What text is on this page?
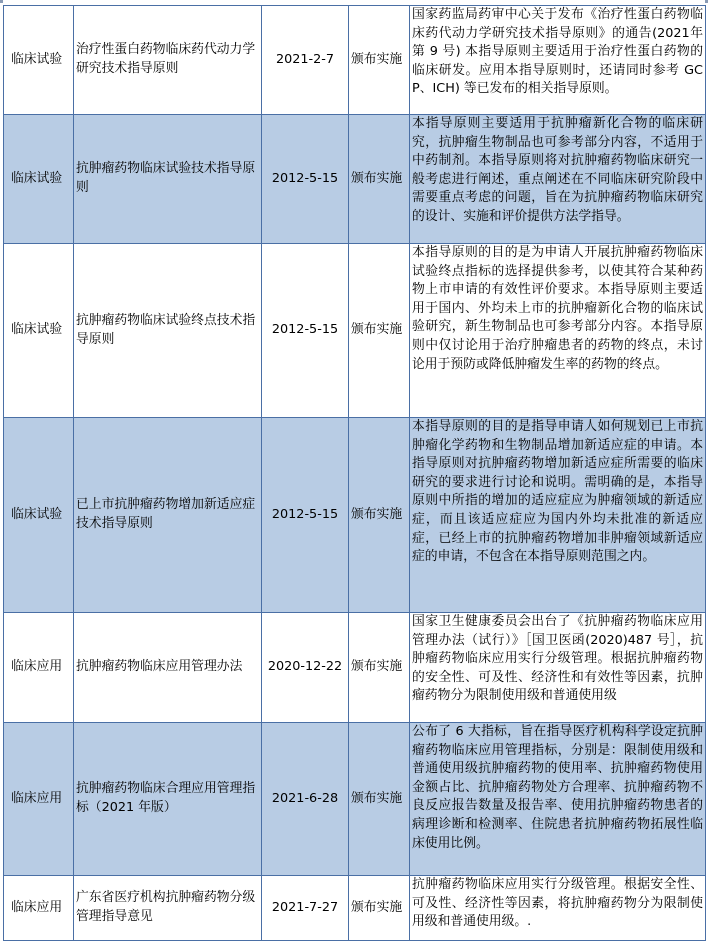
临床试验	治疗性蛋白药物临床药代动力学研究技术指导原则	2021-2-7	颁布实施	国家药监局药审中心关于发布《治疗性蛋白药物临床药代动力学研究技术指导原则》的通告(2021年第 9 号) 本指导原则主要适用于治疗性蛋白药物的临床研发。应用本指导原则时，还请同时参考 GCP、ICH) 等已发布的相关指导原则。
临床试验	抗肿瘤药物临床试验技术指导原则	2012-5-15	颁布实施	本指导原则主要适用于抗肿瘤新化合物的临床研究，抗肿瘤生物制品也可参考部分内容，不适用于中药制剂。本指导原则将对抗肿瘤药物临床研究一般考虑进行阐述，重点阐述在不同临床研究阶段中需要重点考虑的问题，旨在为抗肿瘤药物临床研究的设计、实施和评价提供方法学指导。
临床试验	抗肿瘤药物临床试验终点技术指导原则	2012-5-15	颁布实施	本指导原则的目的是为申请人开展抗肿瘤药物临床试验终点指标的选择提供参考，以使其符合某种药物上市申请的有效性评价要求。本指导原则主要适用于国内、外均未上市的抗肿瘤新化合物的临床试验研究，新生物制品也可参考部分内容。本指导原则中仅讨论用于治疗肿瘤患者的药物的终点，未讨论用于预防或降低肿瘤发生率的药物的终点。
临床试验	已上市抗肿瘤药物增加新适应症技术指导原则	2012-5-15	颁布实施	本指导原则的目的是指导申请人如何规划已上市抗肿瘤化学药物和生物制品增加新适应症的申请。本指导原则对抗肿瘤药物增加新适应症所需要的临床研究的要求进行讨论和说明。需明确的是，本指导原则中所指的增加的适应症应为肿瘤领域的新适应症，而且该适应症应为国内外均未批准的新适应症，已经上市的抗肿瘤药物增加非肿瘤领域新适应症的申请，不包含在本指导原则范围之内。
临床应用	抗肿瘤药物临床应用管理办法	2020-12-22	颁布实施	国家卫生健康委员会出台了《抗肿瘤药物临床应用管理办法（试行）》［国卫医函(2020)487 号］，抗肿瘤药物临床应用实行分级管理。根据抗肿瘤药物的安全性、可及性、经济性和有效性等因素，抗肿瘤药物分为限制使用级和普通使用级
临床应用	抗肿瘤药物临床合理应用管理指标（2021 年版）	2021-6-28	颁布实施	公布了 6 大指标，旨在指导医疗机构科学设定抗肿瘤药物临床应用管理指标，分别是：限制使用级和普通使用级抗肿瘤药物的使用率、抗肿瘤药物使用金额占比、抗肿瘤药物处方合理率、抗肿瘤药物不良反应报告数量及报告率、使用抗肿瘤药物患者的病理诊断和检测率、住院患者抗肿瘤药物拓展性临床使用比例。
临床应用	广东省医疗机构抗肿瘤药物分级管理指导意见	2021-7-27	颁布实施	抗肿瘤药物临床应用实行分级管理。根据安全性、可及性、经济性等因素，将抗肿瘤药物分为限制使用级和普通使用级。.
